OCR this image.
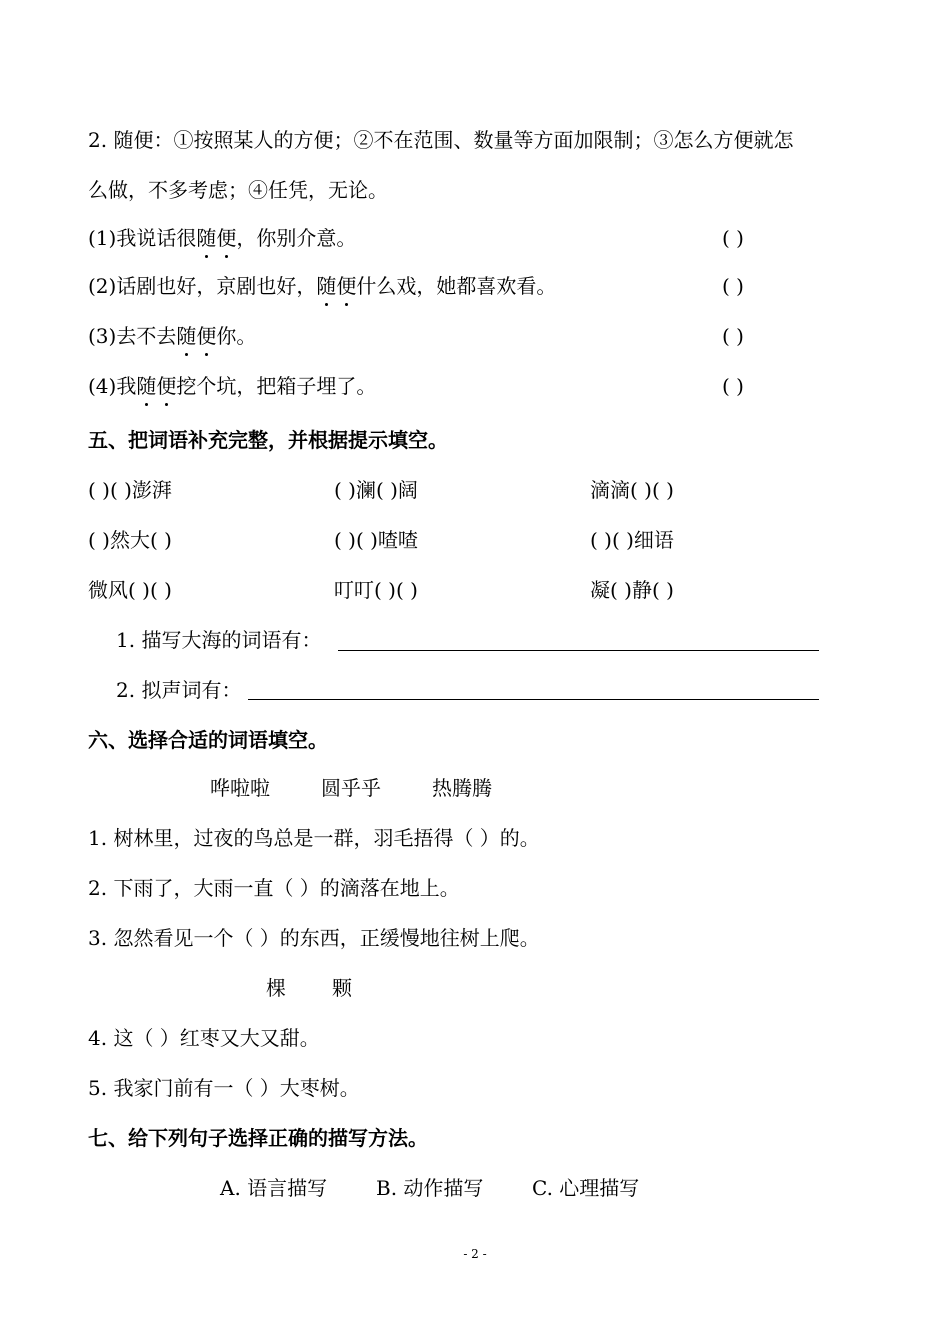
2. 随便：①按照某人的方便；②不在范围、数量等方面加限制；③怎么方便就怎
么做，不多考虑；④任凭，无论。
(1)我说话很随便，你别介意。	( )
(2)话剧也好，京剧也好，随便什么戏，她都喜欢看。	( )
(3)去不去随便你。	( )
(4)我随便挖个坑，把箱子埋了。	( )
五、把词语补充完整，并根据提示填空。
( )( )澎湃	( )澜( )阔	滴滴( )( )
( )然大( )	( )( )喳喳	( )( )细语
微风( )( )	叮叮( )( )	凝( )静( )
1. 描写大海的词语有：
2. 拟声词有：
六、选择合适的词语填空。
哗啦啦	圆乎乎	热腾腾
1. 树林里，过夜的鸟总是一群，羽毛捂得（ ）的。
2. 下雨了，大雨一直（ ）的滴落在地上。
3. 忽然看见一个（ ）的东西，正缓慢地往树上爬。
棵 颗
4. 这（ ）红枣又大又甜。
5. 我家门前有一（ ）大枣树。
七、给下列句子选择正确的描写方法。
A. 语言描写 B. 动作描写 C. 心理描写
- 2 -
